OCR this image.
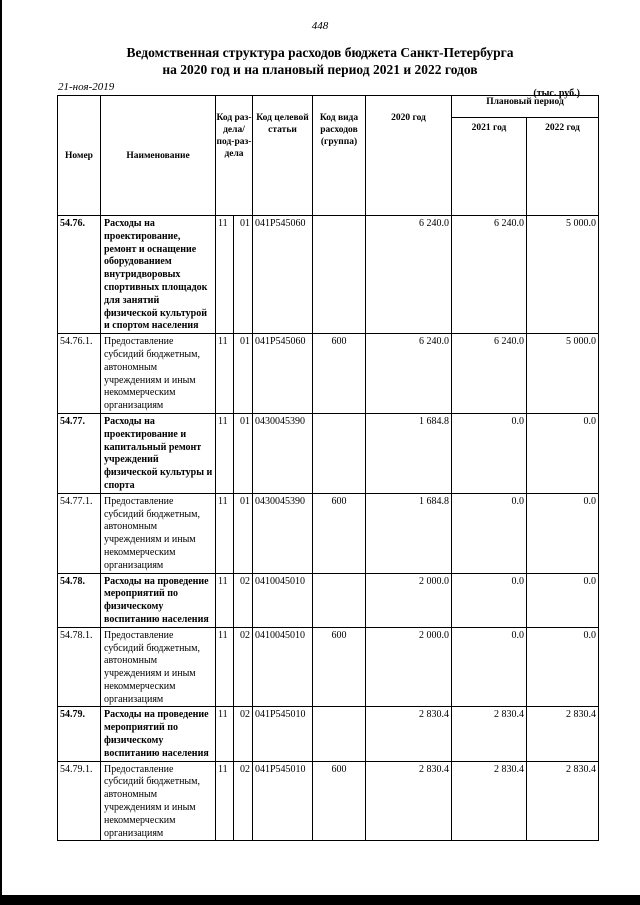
448
Ведомственная структура расходов бюджета Санкт-Петербурга
на 2020 год и на плановый период 2021 и 2022 годов
21-ноя-2019
(тыс. руб.)
Номер	Наименование	Код раз-дела/ под-раз-дела		Код целевой статьи	Код вида расходов (группа)	2020 год	Плановый период	
							2021 год	2022 год
54.76.	Расходы на проектирование, ремонт и оснащение оборудованием внутридворовых спортивных площадок для занятий физической культурой и спортом населения	11	01	041P545060		6 240.0	6 240.0	5 000.0
54.76.1.	Предоставление субсидий бюджетным, автономным учреждениям и иным некоммерческим организациям	11	01	041P545060	600	6 240.0	6 240.0	5 000.0
54.77.	Расходы на проектирование и капитальный ремонт учреждений физической культуры и спорта	11	01	0430045390		1 684.8	0.0	0.0
54.77.1.	Предоставление субсидий бюджетным, автономным учреждениям и иным некоммерческим организациям	11	01	0430045390	600	1 684.8	0.0	0.0
54.78.	Расходы на проведение мероприятий по физическому воспитанию населения	11	02	0410045010		2 000.0	0.0	0.0
54.78.1.	Предоставление субсидий бюджетным, автономным учреждениям и иным некоммерческим организациям	11	02	0410045010	600	2 000.0	0.0	0.0
54.79.	Расходы на проведение мероприятий по физическому воспитанию населения	11	02	041P545010		2 830.4	2 830.4	2 830.4
54.79.1.	Предоставление субсидий бюджетным, автономным учреждениям и иным некоммерческим организациям	11	02	041P545010	600	2 830.4	2 830.4	2 830.4
